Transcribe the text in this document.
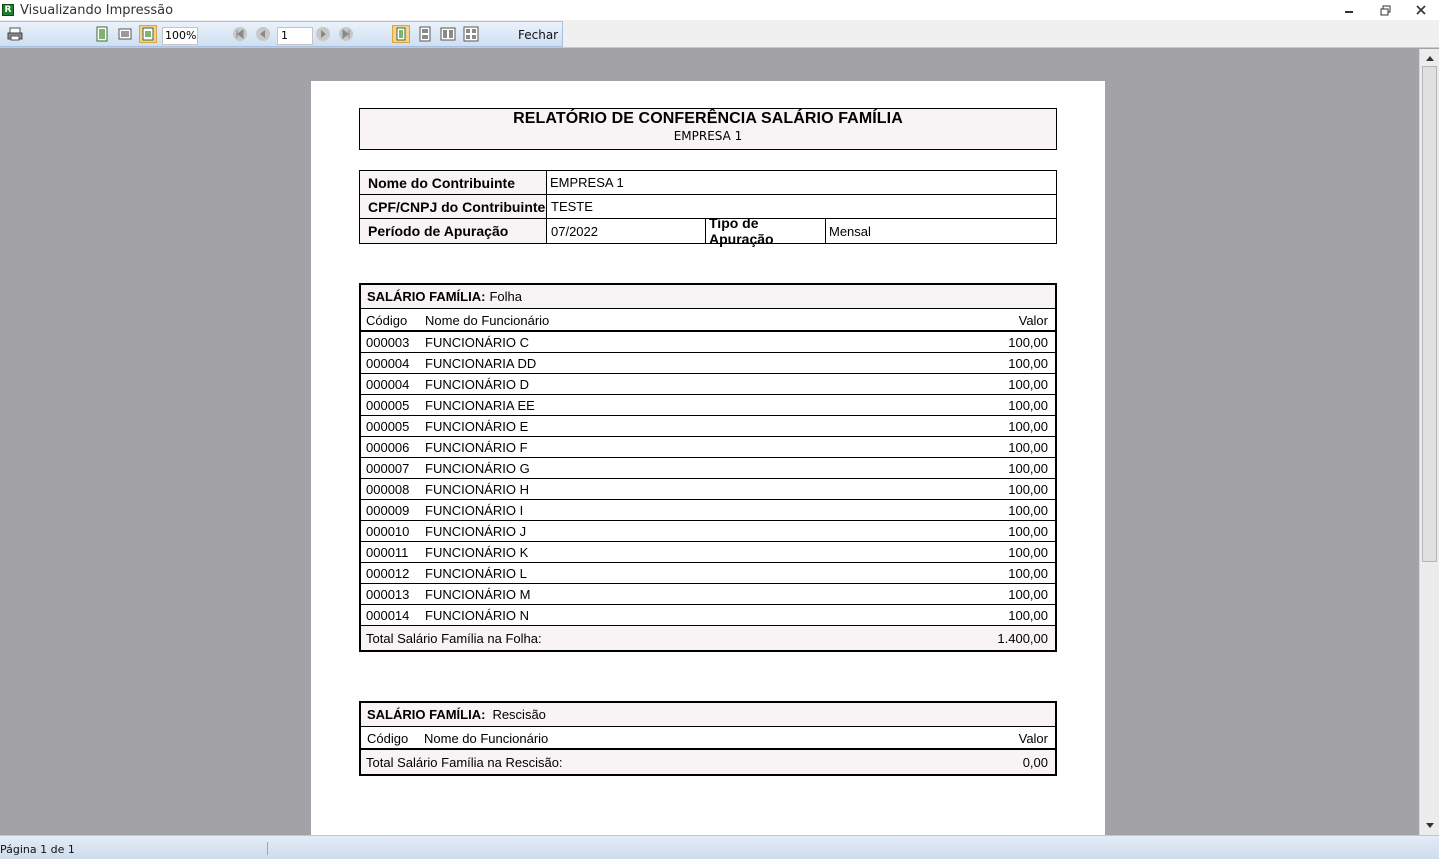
R Visualizando Impressão
100%	1	Fechar
RELATÓRIO DE CONFERÊNCIA SALÁRIO FAMÍLIA
EMPRESA 1
Nome do Contribuinte	EMPRESA 1
CPF/CNPJ do Contribuinte TESTE
Período de Apuração	07/2022	Tipo de Apuração	Mensal
SALÁRIO FAMÍLIA: Folha
Código Nome do Funcionário	Valor
000003 FUNCIONÁRIO C	100,00
000004 FUNCIONARIA DD	100,00
000004 FUNCIONÁRIO D	100,00
000005 FUNCIONARIA EE	100,00
000005 FUNCIONÁRIO E	100,00
000006 FUNCIONÁRIO F	100,00
000007 FUNCIONÁRIO G	100,00
000008 FUNCIONÁRIO H	100,00
000009 FUNCIONÁRIO I	100,00
000010 FUNCIONÁRIO J	100,00
000011 FUNCIONÁRIO K	100,00
000012 FUNCIONÁRIO L	100,00
000013 FUNCIONÁRIO M	100,00
000014 FUNCIONÁRIO N	100,00
Total Salário Família na Folha:	1.400,00
SALÁRIO FAMÍLIA: Rescisão
Código Nome do Funcionário	Valor
Total Salário Família na Rescisão:	0,00
Página 1 de 1
